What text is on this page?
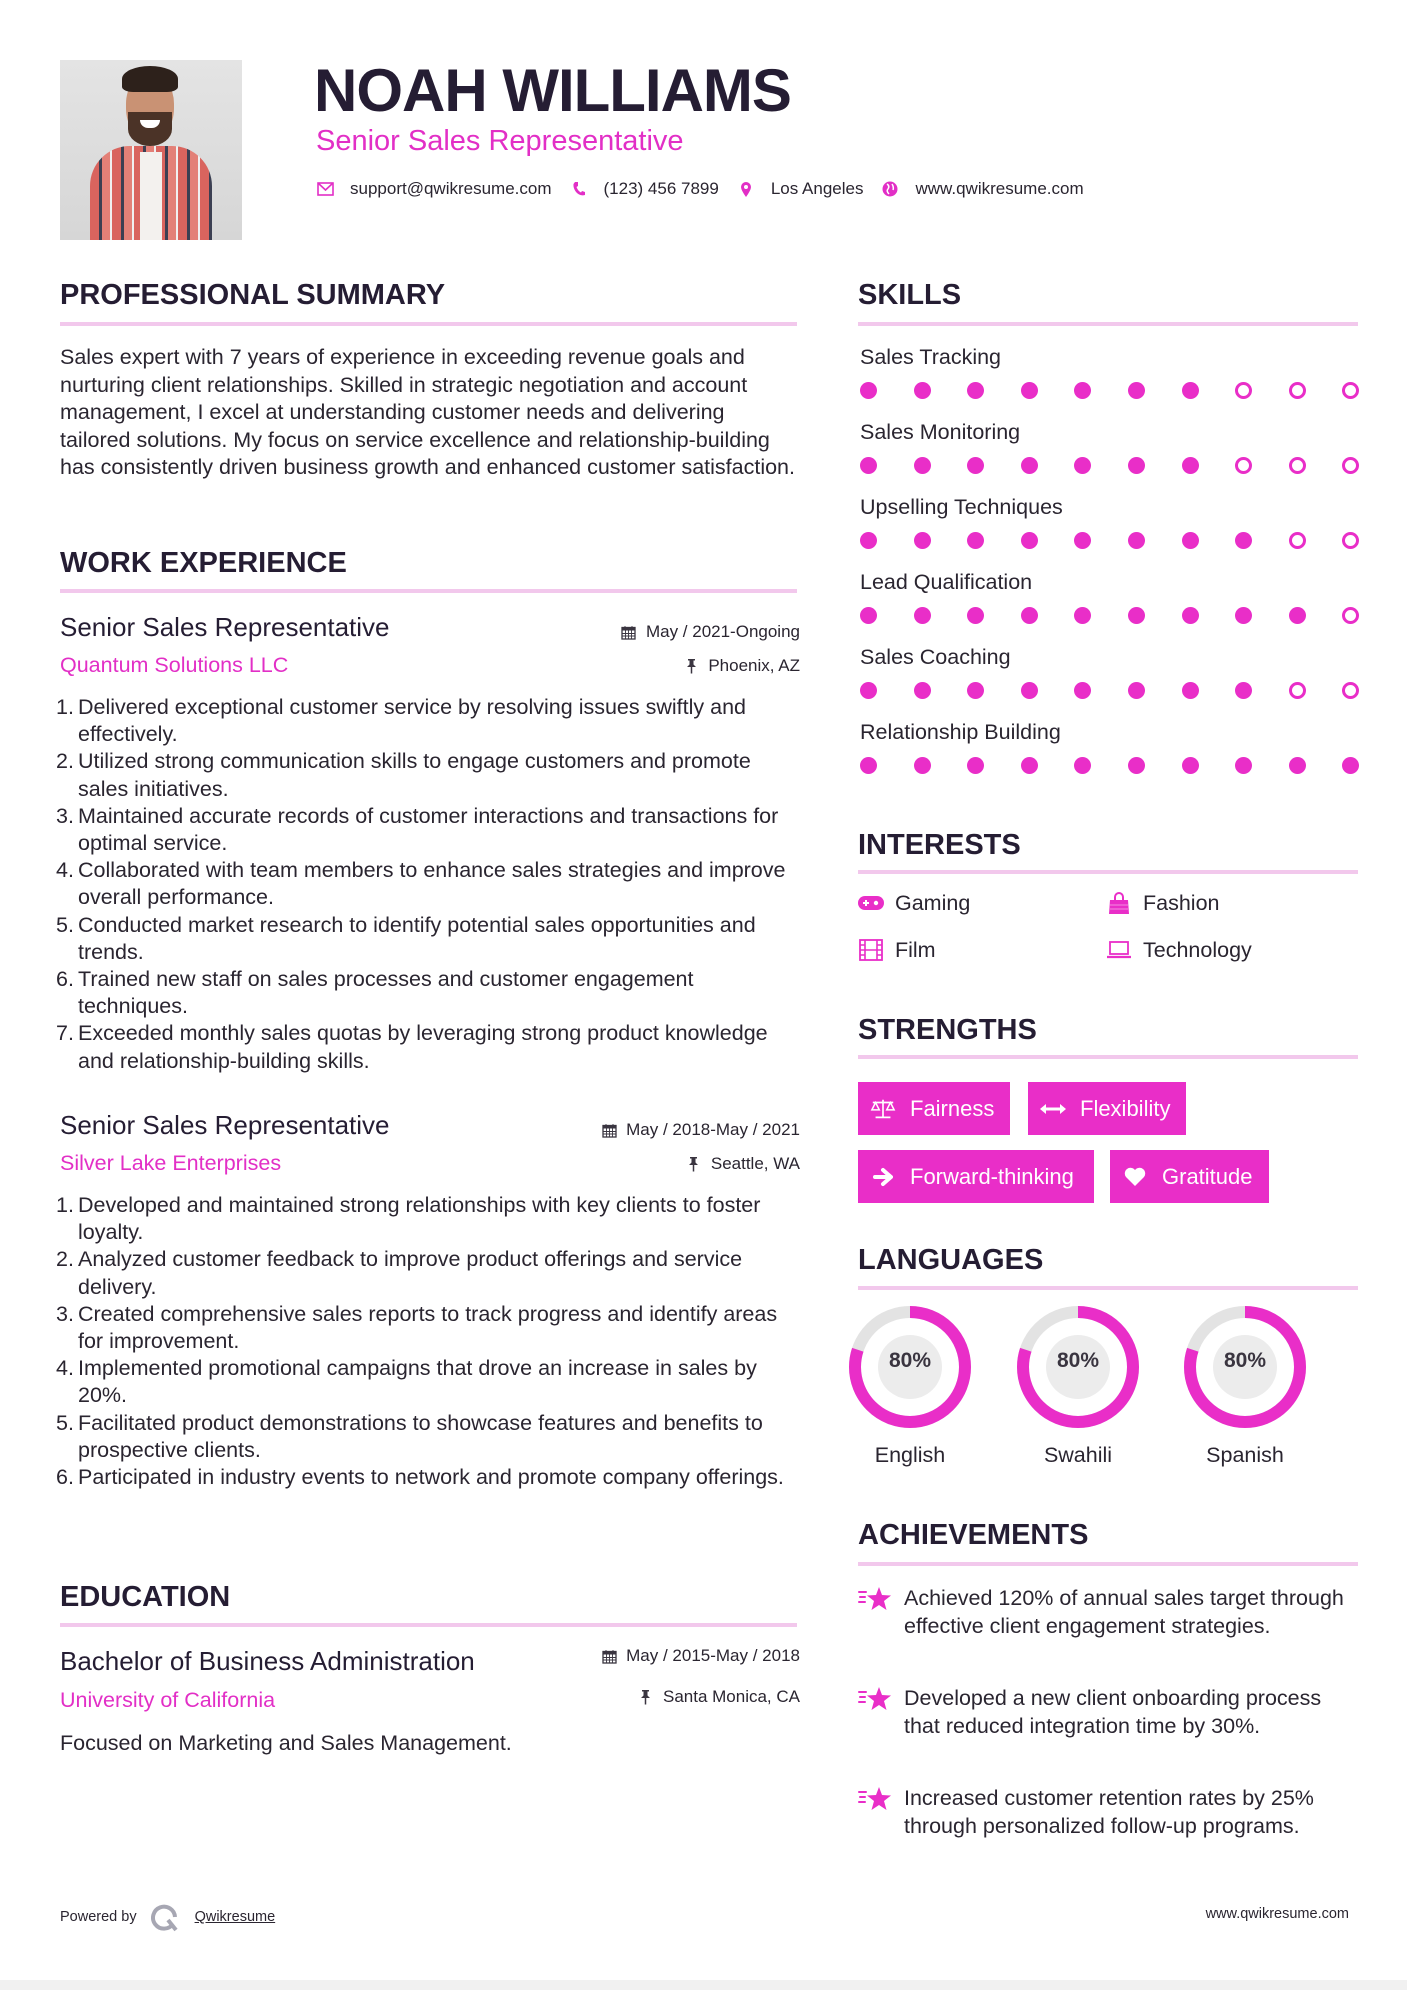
NOAH WILLIAMS
Senior Sales Representative
support@qwikresume.com	(123) 456 7899	Los Angeles	www.qwikresume.com
PROFESSIONAL SUMMARY
Sales expert with 7 years of experience in exceeding revenue goals and nurturing client relationships. Skilled in strategic negotiation and account management, I excel at understanding customer needs and delivering tailored solutions. My focus on service excellence and relationship-building has consistently driven business growth and enhanced customer satisfaction.
WORK EXPERIENCE
Senior Sales Representative	May / 2021-Ongoing
Quantum Solutions LLC	Phoenix, AZ
1. Delivered exceptional customer service by resolving issues swiftly and effectively.
2. Utilized strong communication skills to engage customers and promote sales initiatives.
3. Maintained accurate records of customer interactions and transactions for optimal service.
4. Collaborated with team members to enhance sales strategies and improve overall performance.
5. Conducted market research to identify potential sales opportunities and trends.
6. Trained new staff on sales processes and customer engagement techniques.
7. Exceeded monthly sales quotas by leveraging strong product knowledge and relationship-building skills.
Senior Sales Representative	May / 2018-May / 2021
Silver Lake Enterprises	Seattle, WA
1. Developed and maintained strong relationships with key clients to foster loyalty.
2. Analyzed customer feedback to improve product offerings and service delivery.
3. Created comprehensive sales reports to track progress and identify areas for improvement.
4. Implemented promotional campaigns that drove an increase in sales by 20%.
5. Facilitated product demonstrations to showcase features and benefits to prospective clients.
6. Participated in industry events to network and promote company offerings.
EDUCATION
Bachelor of Business Administration	May / 2015-May / 2018
University of California	Santa Monica, CA
Focused on Marketing and Sales Management.
SKILLS
Sales Tracking
Sales Monitoring
Upselling Techniques
Lead Qualification
Sales Coaching
Relationship Building
INTERESTS
Gaming	Fashion
Film	Technology
STRENGTHS
Fairness	Flexibility
Forward-thinking	Gratitude
LANGUAGES
80%
English
80%
Swahili
80%
Spanish
ACHIEVEMENTS
Achieved 120% of annual sales target through effective client engagement strategies.
Developed a new client onboarding process that reduced integration time by 30%.
Increased customer retention rates by 25% through personalized follow-up programs.
Powered by	Qwikresume	www.qwikresume.com
